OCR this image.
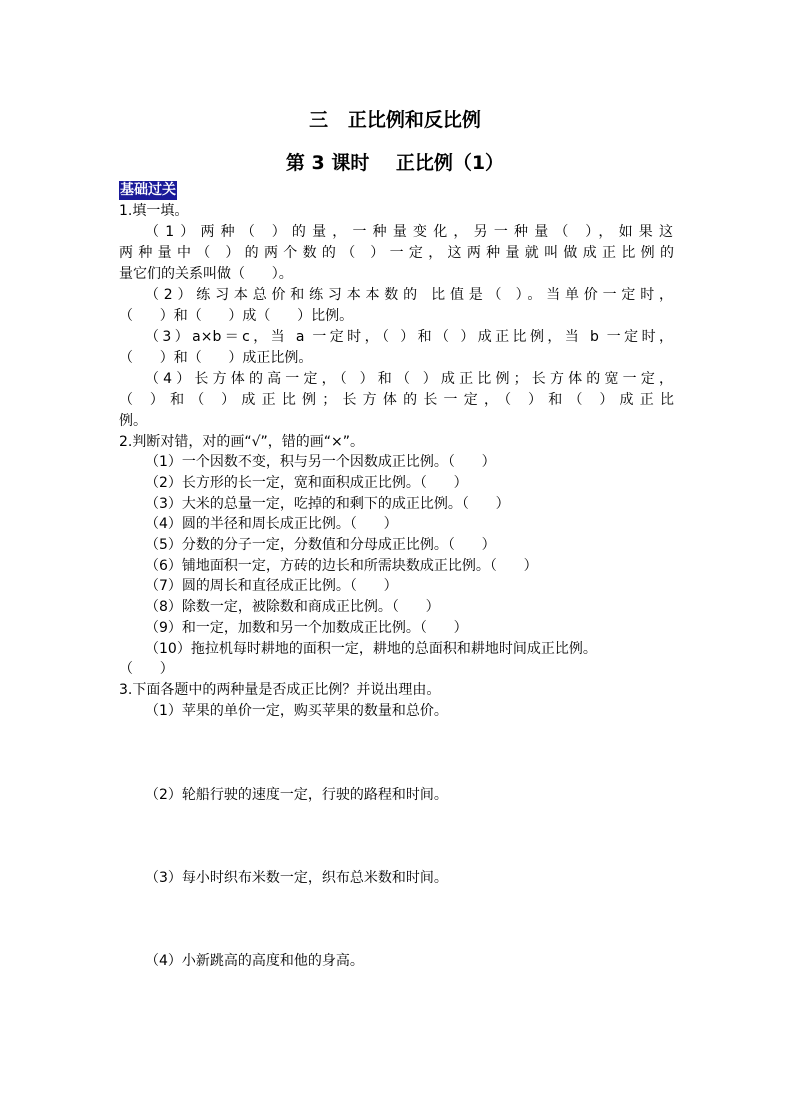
三   正比例和反比例
第 3 课时    正比例（1）
基础过关
1.填一填。
（1）两种（ ）的量，一种量变化，另一种量（ ），如果这
两种量中（ ）的两个数的（ ）一定，这两种量就叫做成正比例的
量它们的关系叫做（      ）。
（2）练习本总价和练习本本数的 比值是（ ）。当单价一定时，
（      ）和（      ）成（      ）比例。
（3）a×b＝c，当 a 一定时，（ ）和（ ）成正比例，当 b 一定时，
（      ）和（      ）成正比例。
（4）长方体的高一定，（ ）和（ ）成正比例；长方体的宽一定，
（ ）和（ ）成正比例；长方体的长一定，（ ）和（ ）成正比
例。
2.判断对错，对的画“√”，错的画“×”。
（1）一个因数不变，积与另一个因数成正比例。（      ）
（2）长方形的长一定，宽和面积成正比例。（      ）
（3）大米的总量一定，吃掉的和剩下的成正比例。（      ）
（4）圆的半径和周长成正比例。（      ）
（5）分数的分子一定，分数值和分母成正比例。（      ）
（6）铺地面积一定，方砖的边长和所需块数成正比例。（      ）
（7）圆的周长和直径成正比例。（      ）
（8）除数一定，被除数和商成正比例。（      ）
（9）和一定，加数和另一个加数成正比例。（      ）
（10）拖拉机每时耕地的面积一定，耕地的总面积和耕地时间成正比例。
（      ）
3.下面各题中的两种量是否成正比例？并说出理由。
（1）苹果的单价一定，购买苹果的数量和总价。
（2）轮船行驶的速度一定，行驶的路程和时间。
（3）每小时织布米数一定，织布总米数和时间。
（4）小新跳高的高度和他的身高。
